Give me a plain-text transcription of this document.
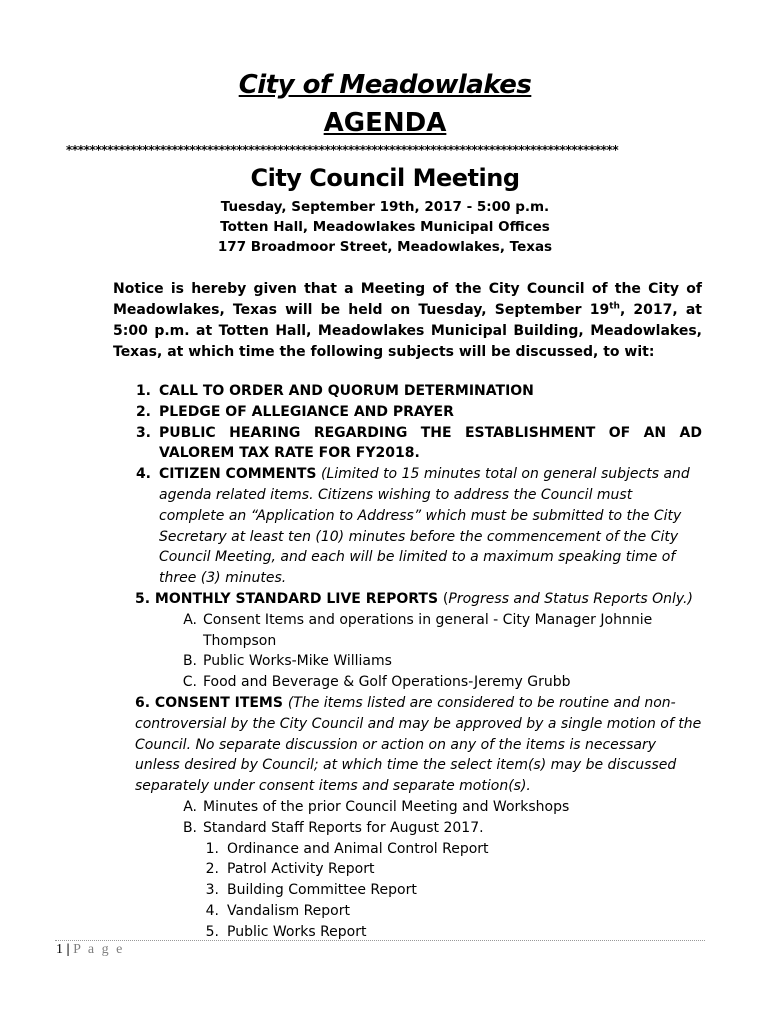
City of Meadowlakes
AGENDA
**********************************************************************************************
City Council Meeting
Tuesday, September 19th, 2017 - 5:00 p.m.
Totten Hall, Meadowlakes Municipal Offices
177 Broadmoor Street, Meadowlakes, Texas
Notice is hereby given that a Meeting of the City Council of the City of Meadowlakes, Texas will be held on Tuesday, September 19th, 2017, at 5:00 p.m. at Totten Hall, Meadowlakes Municipal Building, Meadowlakes, Texas, at which time the following subjects will be discussed, to wit:
1. CALL TO ORDER AND QUORUM DETERMINATION
2. PLEDGE OF ALLEGIANCE AND PRAYER
3. PUBLIC HEARING REGARDING THE ESTABLISHMENT OF AN AD VALOREM TAX RATE FOR FY2018.
4. CITIZEN COMMENTS (Limited to 15 minutes total on general subjects and agenda related items. Citizens wishing to address the Council must complete an “Application to Address” which must be submitted to the City Secretary at least ten (10) minutes before the commencement of the City Council Meeting, and each will be limited to a maximum speaking time of three (3) minutes.
5. MONTHLY STANDARD LIVE REPORTS (Progress and Status Reports Only.)
A. Consent Items and operations in general - City Manager Johnnie Thompson
B. Public Works-Mike Williams
C. Food and Beverage & Golf Operations-Jeremy Grubb
6. CONSENT ITEMS (The items listed are considered to be routine and non-controversial by the City Council and may be approved by a single motion of the Council. No separate discussion or action on any of the items is necessary unless desired by Council; at which time the select item(s) may be discussed separately under consent items and separate motion(s).
A. Minutes of the prior Council Meeting and Workshops
B. Standard Staff Reports for August 2017.
1. Ordinance and Animal Control Report
2. Patrol Activity Report
3. Building Committee Report
4. Vandalism Report
5. Public Works Report
1 | P a g e
